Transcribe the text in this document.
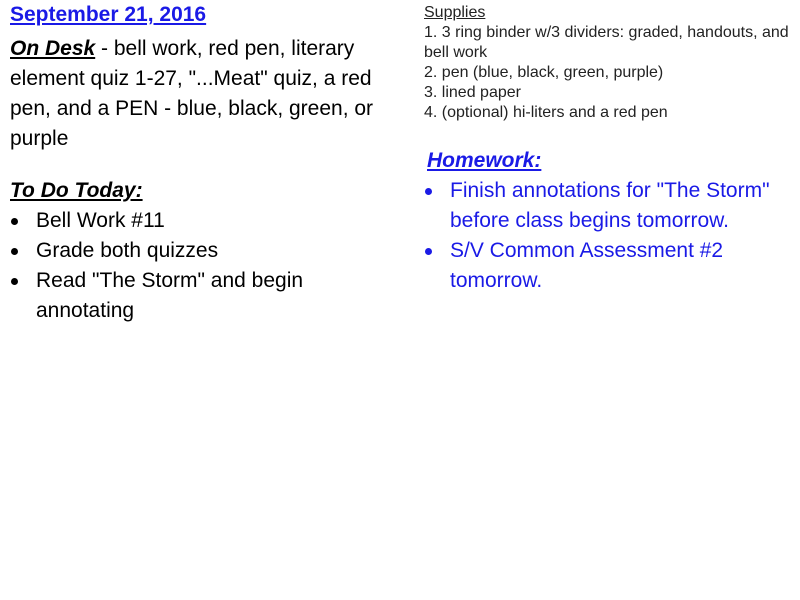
September 21, 2016
On Desk - bell work, red pen, literary element quiz 1-27, "...Meat" quiz, a red pen, and a PEN - blue, black, green, or purple
To Do Today:
Bell Work #11
Grade both quizzes
Read "The Storm" and begin annotating
Supplies
1. 3 ring binder w/3 dividers: graded, handouts, and bell work
2. pen (blue, black, green, purple)
3. lined paper
4. (optional) hi-liters and a red pen
Homework:
Finish annotations for "The Storm" before class begins tomorrow.
S/V Common Assessment #2 tomorrow.
